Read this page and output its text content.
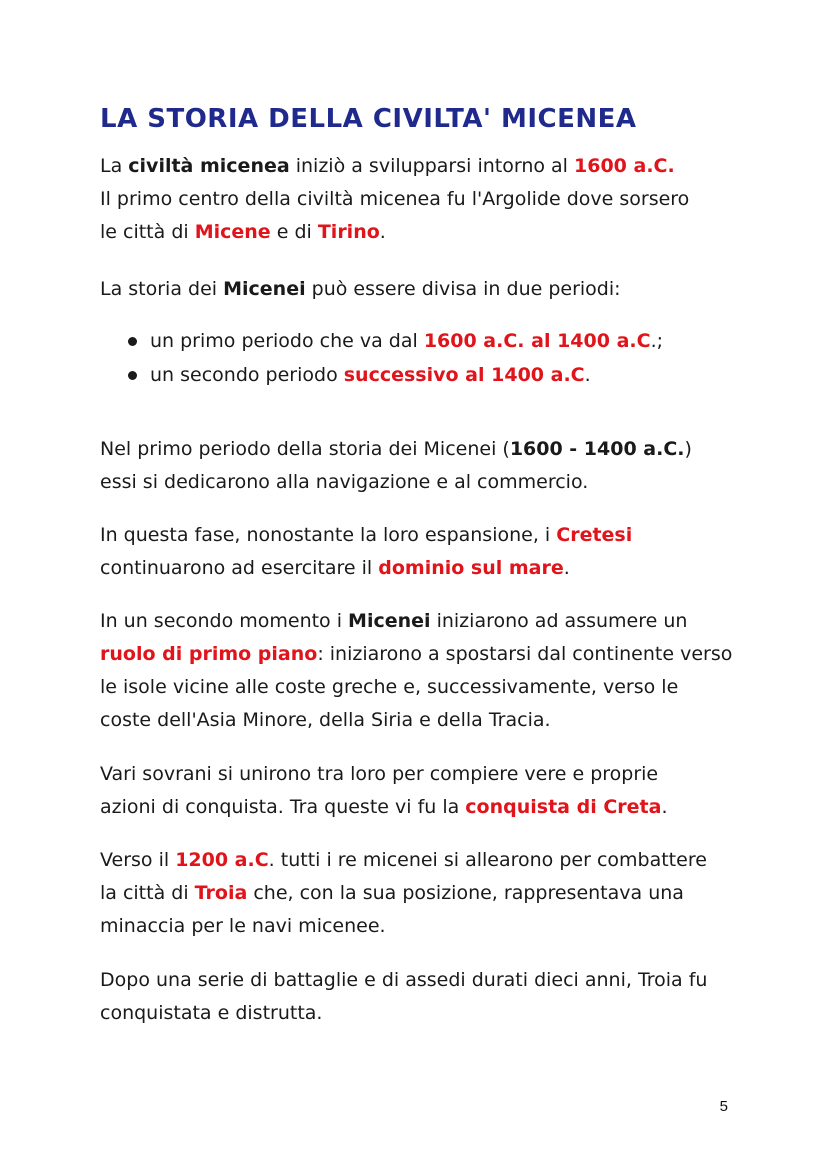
LA STORIA DELLA CIVILTA' MICENEA

La civiltà micenea iniziò a svilupparsi intorno al 1600 a.C.
Il primo centro della civiltà micenea fu l'Argolide dove sorsero
le città di Micene e di Tirino.

La storia dei Micenei può essere divisa in due periodi:

un primo periodo che va dal 1600 a.C. al 1400 a.C.;
un secondo periodo successivo al 1400 a.C.

Nel primo periodo della storia dei Micenei (1600 - 1400 a.C.)
essi si dedicarono alla navigazione e al commercio.

In questa fase, nonostante la loro espansione, i Cretesi
continuarono ad esercitare il dominio sul mare.

In un secondo momento i Micenei iniziarono ad assumere un
ruolo di primo piano: iniziarono a spostarsi dal continente verso
le isole vicine alle coste greche e, successivamente, verso le
coste dell'Asia Minore, della Siria e della Tracia.

Vari sovrani si unirono tra loro per compiere vere e proprie
azioni di conquista. Tra queste vi fu la conquista di Creta.

Verso il 1200 a.C. tutti i re micenei si allearono per combattere
la città di Troia che, con la sua posizione, rappresentava una
minaccia per le navi micenee.

Dopo una serie di battaglie e di assedi durati dieci anni, Troia fu
conquistata e distrutta.

5
